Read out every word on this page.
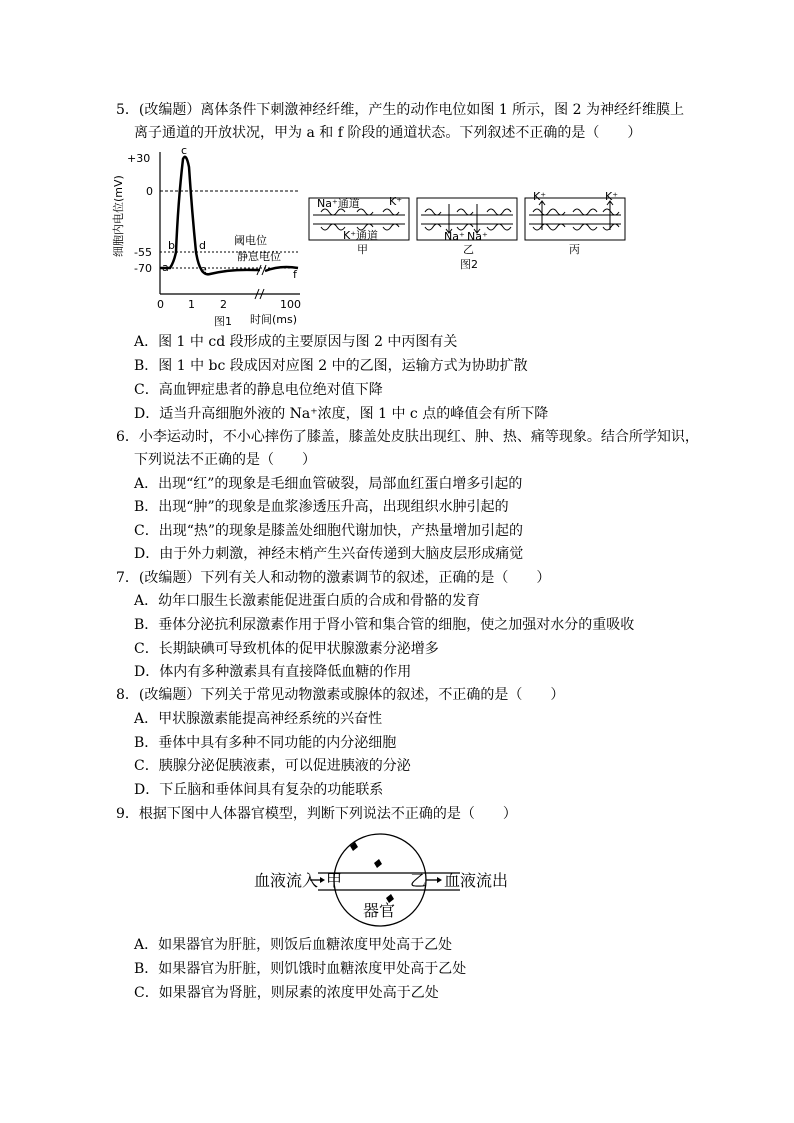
5．(改编题）离体条件下刺激神经纤维，产生的动作电位如图 1 所示，图 2 为神经纤维膜上
离子通道的开放状况，甲为 a 和 f 阶段的通道状态。下列叙述不正确的是（　　）
细胞内电位(mV)
+30
0
-55
-70 a
b
c
d
e	f
阈电位
静息电位
0 1 2	100
图1 时间(ms)
Na⁺通道	K⁺
K⁺通道
甲
Na⁺ Na⁺
乙
图2
K⁺	K⁺
丙
A．图 1 中 cd 段形成的主要原因与图 2 中丙图有关
B．图 1 中 bc 段成因对应图 2 中的乙图，运输方式为协助扩散
C．高血钾症患者的静息电位绝对值下降
D．适当升高细胞外液的 Na⁺浓度，图 1 中 c 点的峰值会有所下降
6．小李运动时，不小心摔伤了膝盖，膝盖处皮肤出现红、肿、热、痛等现象。结合所学知识，
下列说法不正确的是（　　）
A．出现“红”的现象是毛细血管破裂，局部血红蛋白增多引起的
B．出现“肿”的现象是血浆渗透压升高，出现组织水肿引起的
C．出现“热”的现象是膝盖处细胞代谢加快，产热量增加引起的
D．由于外力刺激，神经末梢产生兴奋传递到大脑皮层形成痛觉
7．(改编题）下列有关人和动物的激素调节的叙述，正确的是（　　）
A．幼年口服生长激素能促进蛋白质的合成和骨骼的发育
B．垂体分泌抗利尿激素作用于肾小管和集合管的细胞，使之加强对水分的重吸收
C．长期缺碘可导致机体的促甲状腺激素分泌增多
D．体内有多种激素具有直接降低血糖的作用
8．(改编题）下列关于常见动物激素或腺体的叙述，不正确的是（　　）
A．甲状腺激素能提高神经系统的兴奋性
B．垂体中具有多种不同功能的内分泌细胞
C．胰腺分泌促胰液素，可以促进胰液的分泌
D．下丘脑和垂体间具有复杂的功能联系
9．根据下图中人体器官模型，判断下列说法不正确的是（　　）
血液流入 甲	乙 血液流出
器官
A．如果器官为肝脏，则饭后血糖浓度甲处高于乙处
B．如果器官为肝脏，则饥饿时血糖浓度甲处高于乙处
C．如果器官为肾脏，则尿素的浓度甲处高于乙处
